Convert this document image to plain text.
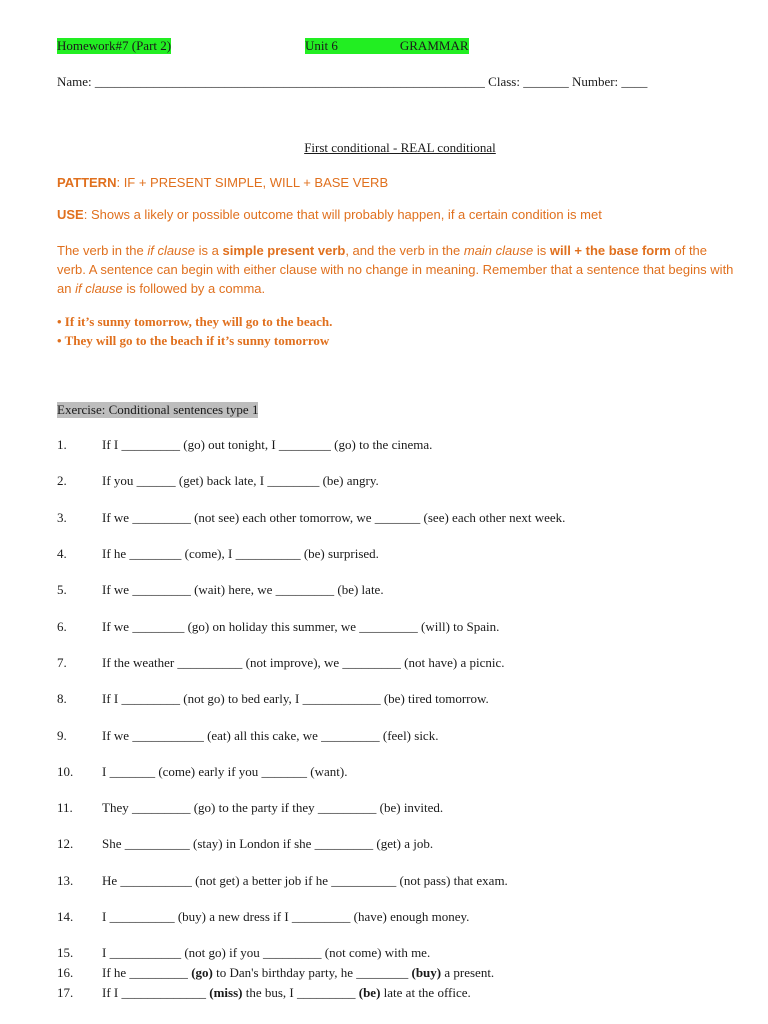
Homework#7 (Part 2)	Unit 6	GRAMMAR
Name: ____________________________________________________________ Class: _______ Number: ____
First conditional - REAL conditional
PATTERN: IF + PRESENT SIMPLE, WILL + BASE VERB
USE: Shows a likely or possible outcome that will probably happen, if a certain condition is met
The verb in the if clause is a simple present verb, and the verb in the main clause is will + the base form of the verb. A sentence can begin with either clause with no change in meaning. Remember that a sentence that begins with an if clause is followed by a comma.
• If it’s sunny tomorrow, they will go to the beach.
• They will go to the beach if it’s sunny tomorrow
Exercise: Conditional sentences type 1
1.	If I _________ (go) out tonight, I ________ (go) to the cinema.
2.	If you ______ (get) back late, I ________ (be) angry.
3.	If we _________ (not see) each other tomorrow, we _______ (see) each other next week.
4.	If he ________ (come), I __________ (be) surprised.
5.	If we _________ (wait) here, we _________ (be) late.
6.	If we ________ (go) on holiday this summer, we _________ (will) to Spain.
7.	If the weather __________ (not improve), we _________ (not have) a picnic.
8.	If I _________ (not go) to bed early, I ____________ (be) tired tomorrow.
9.	If we ___________ (eat) all this cake, we _________ (feel) sick.
10. I _______ (come) early if you _______ (want).
11. They _________ (go) to the party if they _________ (be) invited.
12. She __________ (stay) in London if she _________ (get) a job.
13. He ___________ (not get) a better job if he __________ (not pass) that exam.
14. I __________ (buy) a new dress if I _________ (have) enough money.
15. I ___________ (not go) if you _________ (not come) with me.
16. If he _________ (go) to Dan's birthday party, he ________ (buy) a present.
17. If I _____________ (miss) the bus, I _________ (be) late at the office.
